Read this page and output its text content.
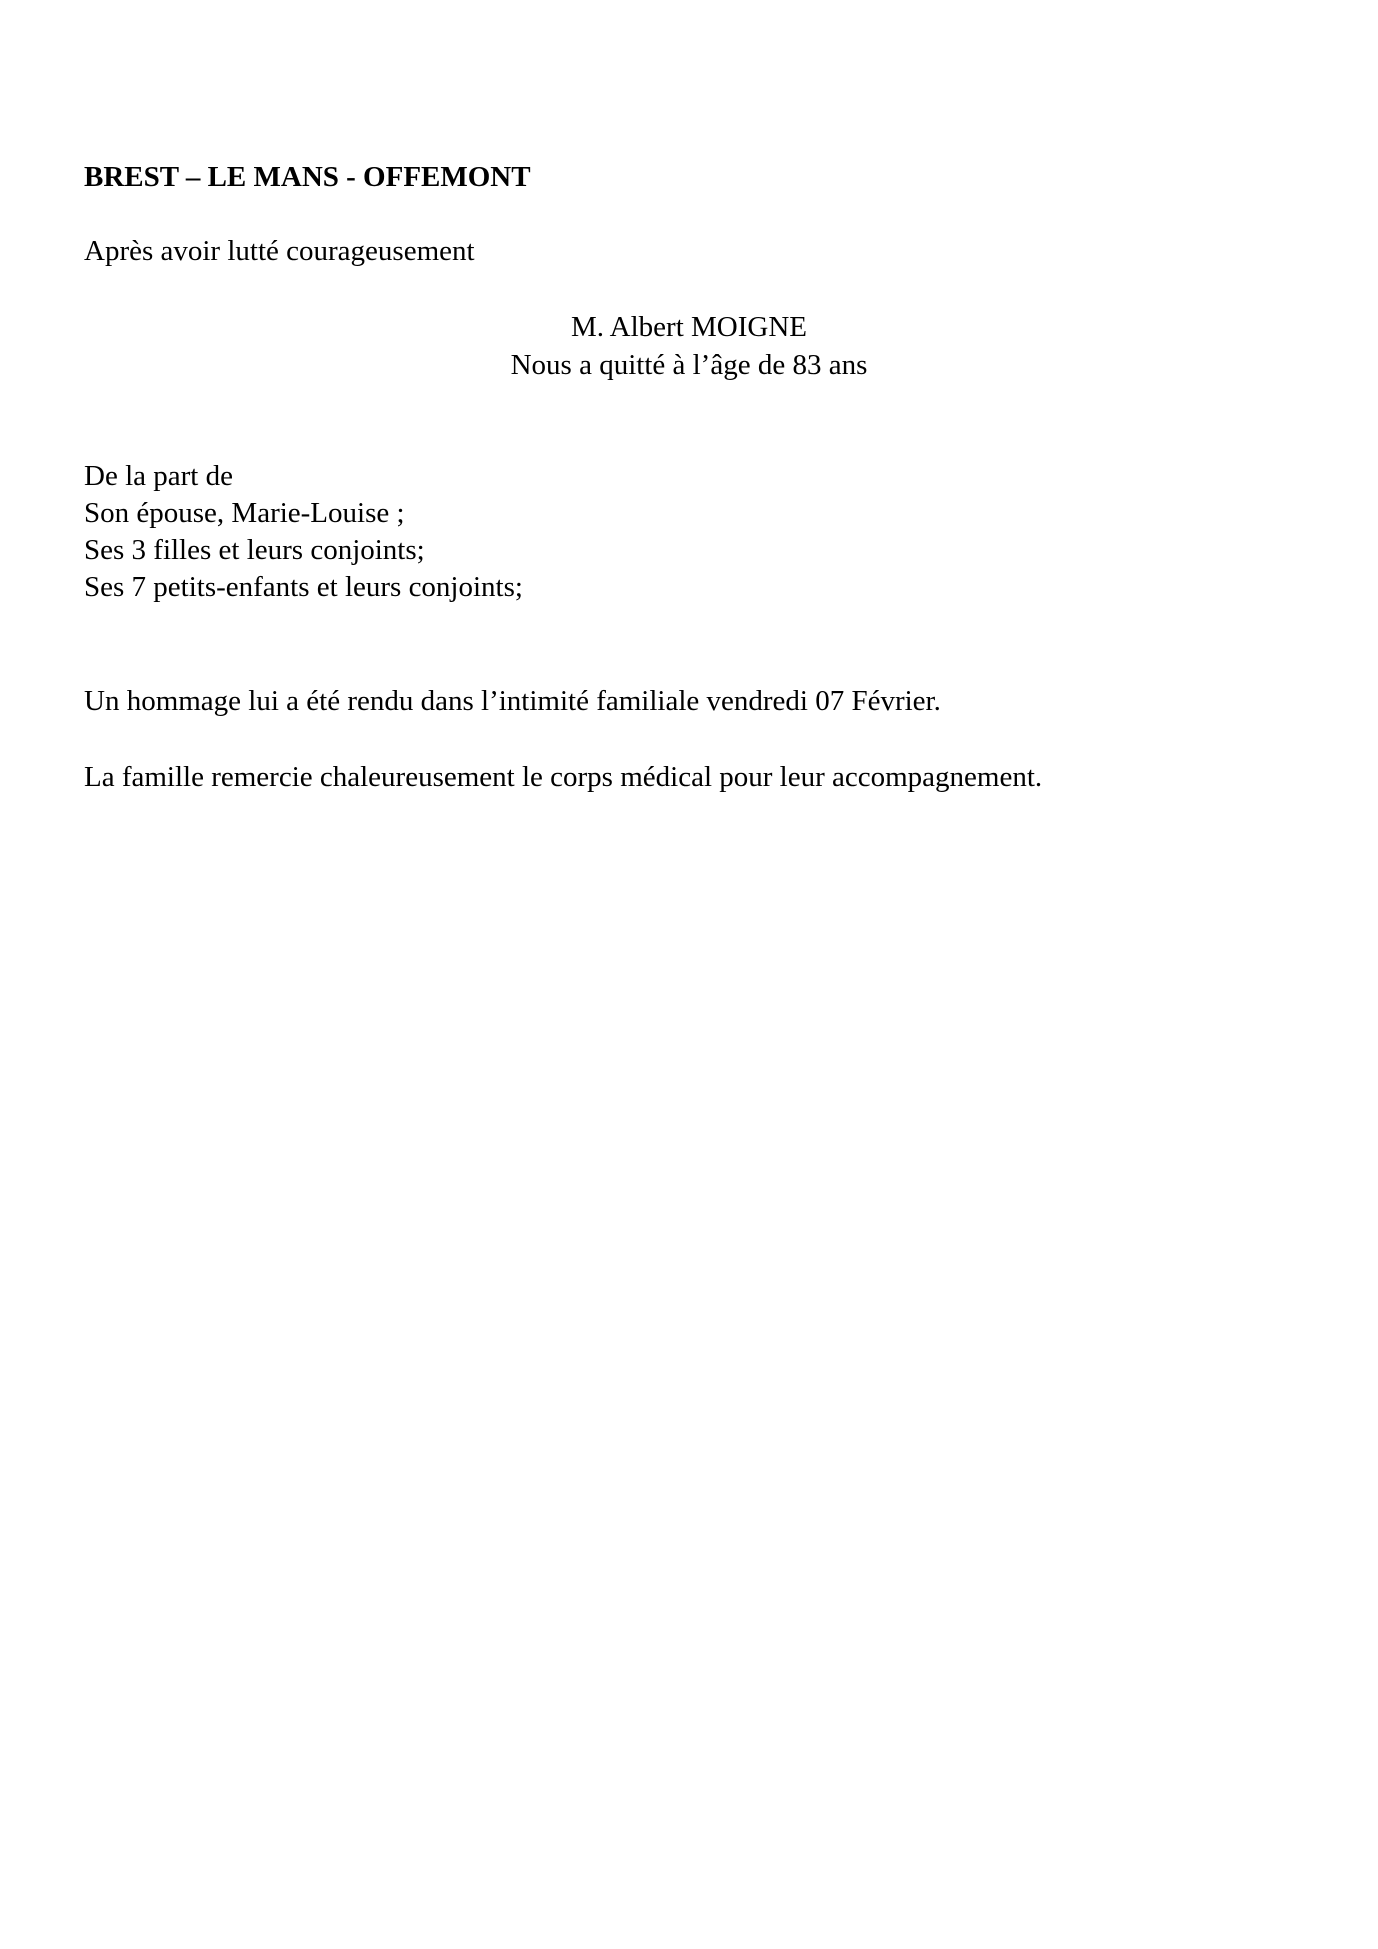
BREST – LE MANS - OFFEMONT

Après avoir lutté courageusement

M. Albert MOIGNE

Nous a quitté à l’âge de 83 ans

De la part de
Son épouse, Marie-Louise ;
Ses 3 filles et leurs conjoints;
Ses 7 petits-enfants et leurs conjoints;

Un hommage lui a été rendu dans l’intimité familiale vendredi 07 Février.

La famille remercie chaleureusement le corps médical pour leur accompagnement.
